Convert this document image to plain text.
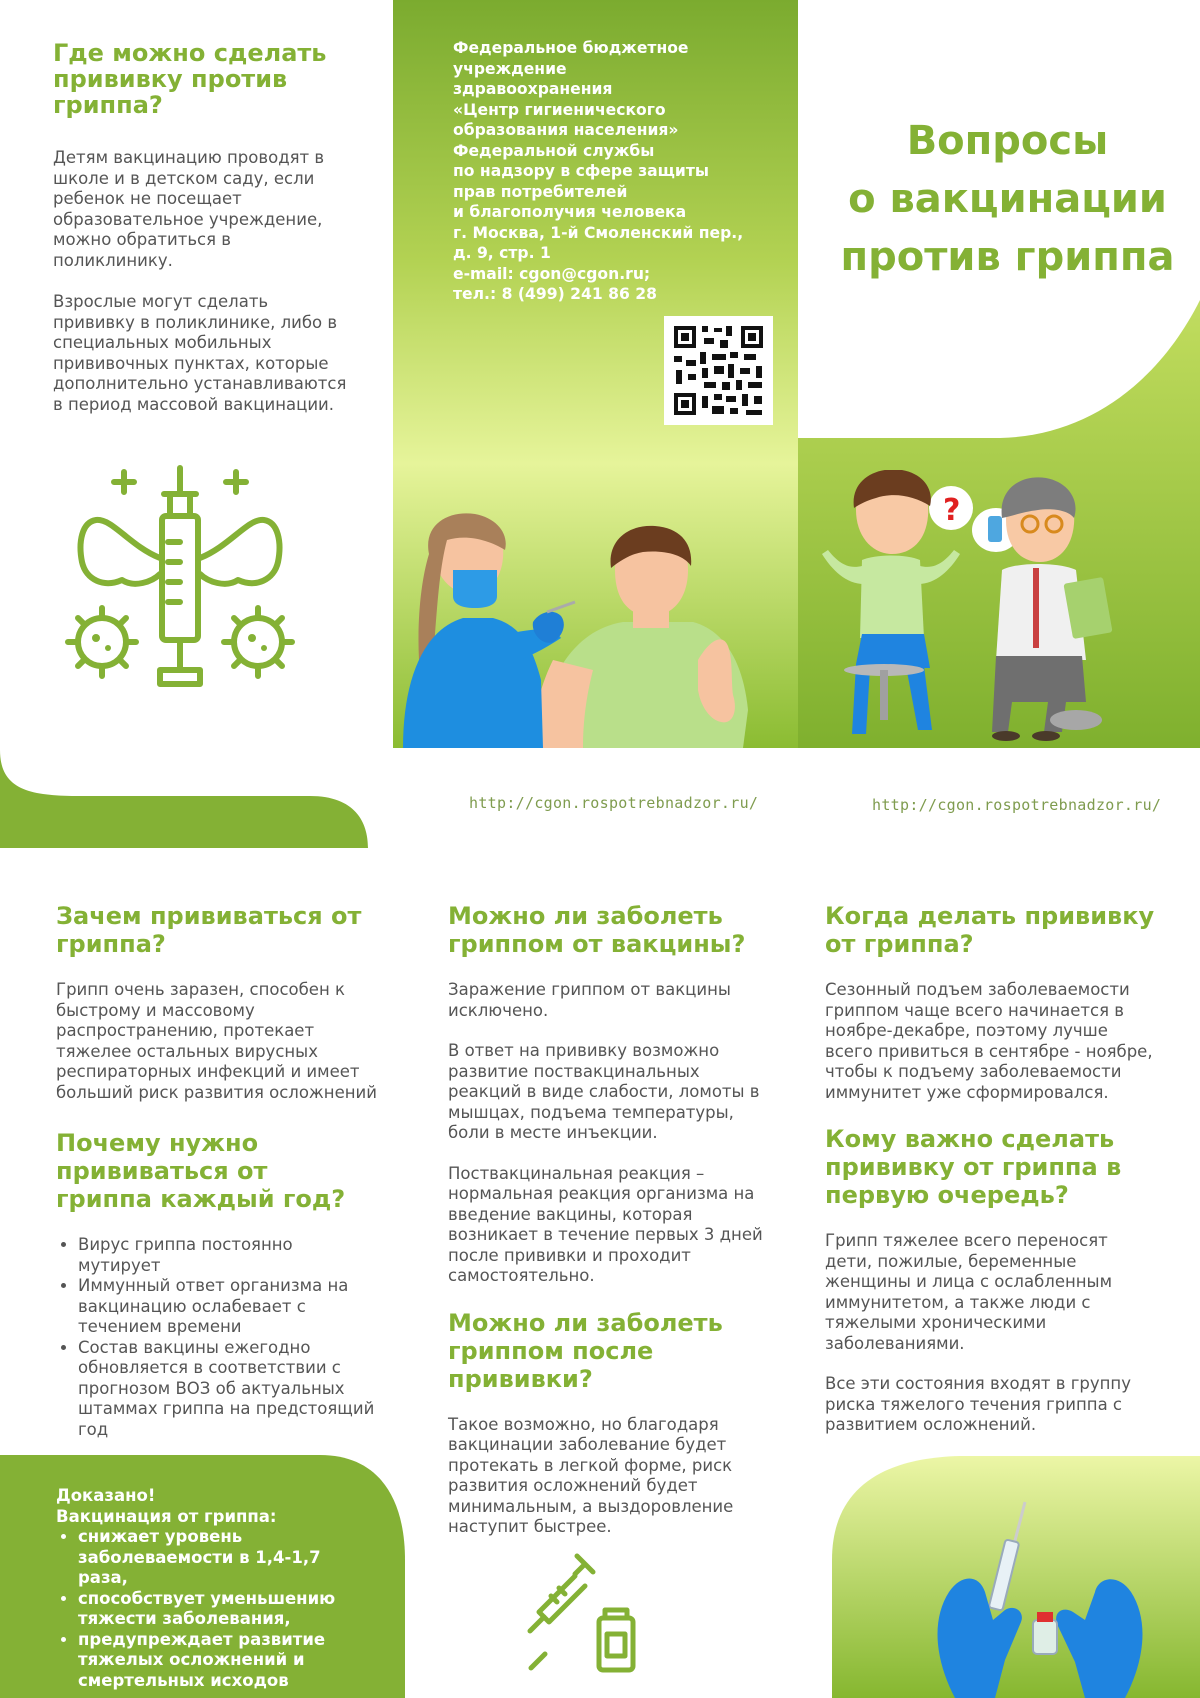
Где можно сделать прививку против гриппа?

Детям вакцинацию проводят в школе и в детском саду, если ребенок не посещает образовательное учреждение, можно обратиться в поликлинику.

Взрослые могут сделать прививку в поликлинике, либо в специальных мобильных прививочных пунктах, которые дополнительно устанавливаются в период массовой вакцинации.

Федеральное бюджетное
учреждение
здравоохранения
«Центр гигиенического
образования населения»
Федеральной службы
по надзору в сфере защиты
прав потребителей
и благополучия человека
г. Москва, 1-й Смоленский пер.,
д. 9, стр. 1
e-mail: cgon@cgon.ru;
тел.: 8 (499) 241 86 28
?
http://cgon.rospotrebnadzor.ru/	http://cgon.rospotrebnadzor.ru/
Вопросы
о вакцинации
против гриппа
Зачем прививаться от гриппа?

Грипп очень заразен, способен к быстрому и массовому распространению, протекает тяжелее остальных вирусных респираторных инфекций и имеет больший риск развития осложнений

Почему нужно прививаться от гриппа каждый год?
• Вирус гриппа постоянно мутирует
• Иммунный ответ организма на вакцинацию ослабевает с течением времени
• Состав вакцины ежегодно обновляется в соответствии с прогнозом ВОЗ об актуальных штаммах гриппа на предстоящий год
Доказано!
Вакцинация от гриппа:
• снижает уровень заболеваемости в 1,4-1,7 раза,
• способствует уменьшению тяжести заболевания,
• предупреждает развитие тяжелых осложнений и смертельных исходов
Можно ли заболеть гриппом от вакцины?

Заражение гриппом от вакцины исключено.

В ответ на прививку возможно развитие поствакцинальных реакций в виде слабости, ломоты в мышцах, подъема температуры, боли в месте инъекции.

Поствакцинальная реакция – нормальная реакция организма на введение вакцины, которая возникает в течение первых 3 дней после прививки и проходит самостоятельно.

Можно ли заболеть гриппом после прививки?

Такое возможно, но благодаря вакцинации заболевание будет протекать в легкой форме, риск развития осложнений будет минимальным, а выздоровление наступит быстрее.

Когда делать прививку от гриппа?

Сезонный подъем заболеваемости гриппом чаще всего начинается в ноябре-декабре, поэтому лучше всего привиться в сентябре - ноябре, чтобы к подъему заболеваемости иммунитет уже сформировался.

Кому важно сделать прививку от гриппа в первую очередь?

Грипп тяжелее всего переносят дети, пожилые, беременные женщины и лица с ослабленным иммунитетом, а также люди с тяжелыми хроническими заболеваниями.

Все эти состояния входят в группу риска тяжелого течения гриппа с развитием осложнений.
